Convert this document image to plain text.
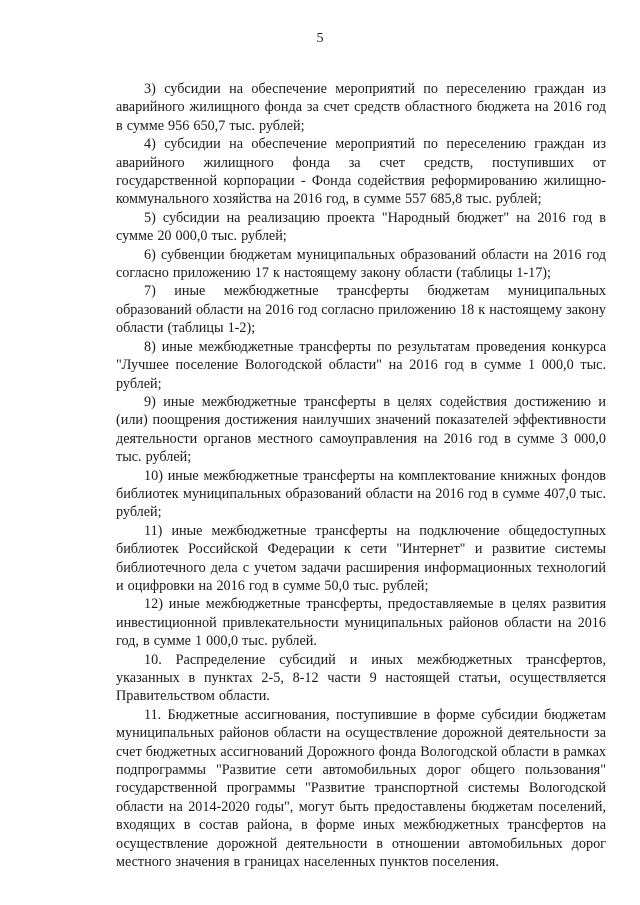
5

3) субсидии на обеспечение мероприятий по переселению граждан из аварийного жилищного фонда за счет средств областного бюджета на 2016 год в сумме 956 650,7 тыс. рублей;

4) субсидии на обеспечение мероприятий по переселению граждан из аварийного жилищного фонда за счет средств, поступивших от государственной корпорации - Фонда содействия реформированию жилищно-коммунального хозяйства на 2016 год, в сумме 557 685,8 тыс. рублей;

5) субсидии на реализацию проекта "Народный бюджет" на 2016 год в сумме 20 000,0 тыс. рублей;

6) субвенции бюджетам муниципальных образований области на 2016 год согласно приложению 17 к настоящему закону области (таблицы 1-17);

7) иные межбюджетные трансферты бюджетам муниципальных образований области на 2016 год согласно приложению 18 к настоящему закону области (таблицы 1-2);

8) иные межбюджетные трансферты по результатам проведения конкурса "Лучшее поселение Вологодской области" на 2016 год в сумме 1 000,0 тыс. рублей;

9) иные межбюджетные трансферты в целях содействия достижению и (или) поощрения достижения наилучших значений показателей эффективности деятельности органов местного самоуправления на 2016 год в сумме 3 000,0 тыс. рублей;

10) иные межбюджетные трансферты на комплектование книжных фондов библиотек муниципальных образований области на 2016 год в сумме 407,0 тыс. рублей;

11) иные межбюджетные трансферты на подключение общедоступных библиотек Российской Федерации к сети "Интернет" и развитие системы библиотечного дела с учетом задачи расширения информационных технологий и оцифровки на 2016 год в сумме 50,0 тыс. рублей;

12) иные межбюджетные трансферты, предоставляемые в целях развития инвестиционной привлекательности муниципальных районов области на 2016 год, в сумме 1 000,0 тыс. рублей.

10. Распределение субсидий и иных межбюджетных трансфертов, указанных в пунктах 2-5, 8-12 части 9 настоящей статьи, осуществляется Правительством области.

11. Бюджетные ассигнования, поступившие в форме субсидии бюджетам муниципальных районов области на осуществление дорожной деятельности за счет бюджетных ассигнований Дорожного фонда Вологодской области в рамках подпрограммы "Развитие сети автомобильных дорог общего пользования" государственной программы "Развитие транспортной системы Вологодской области на 2014-2020 годы", могут быть предоставлены бюджетам поселений, входящих в состав района, в форме иных межбюджетных трансфертов на осуществление дорожной деятельности в отношении автомобильных дорог местного значения в границах населенных пунктов поселения.
